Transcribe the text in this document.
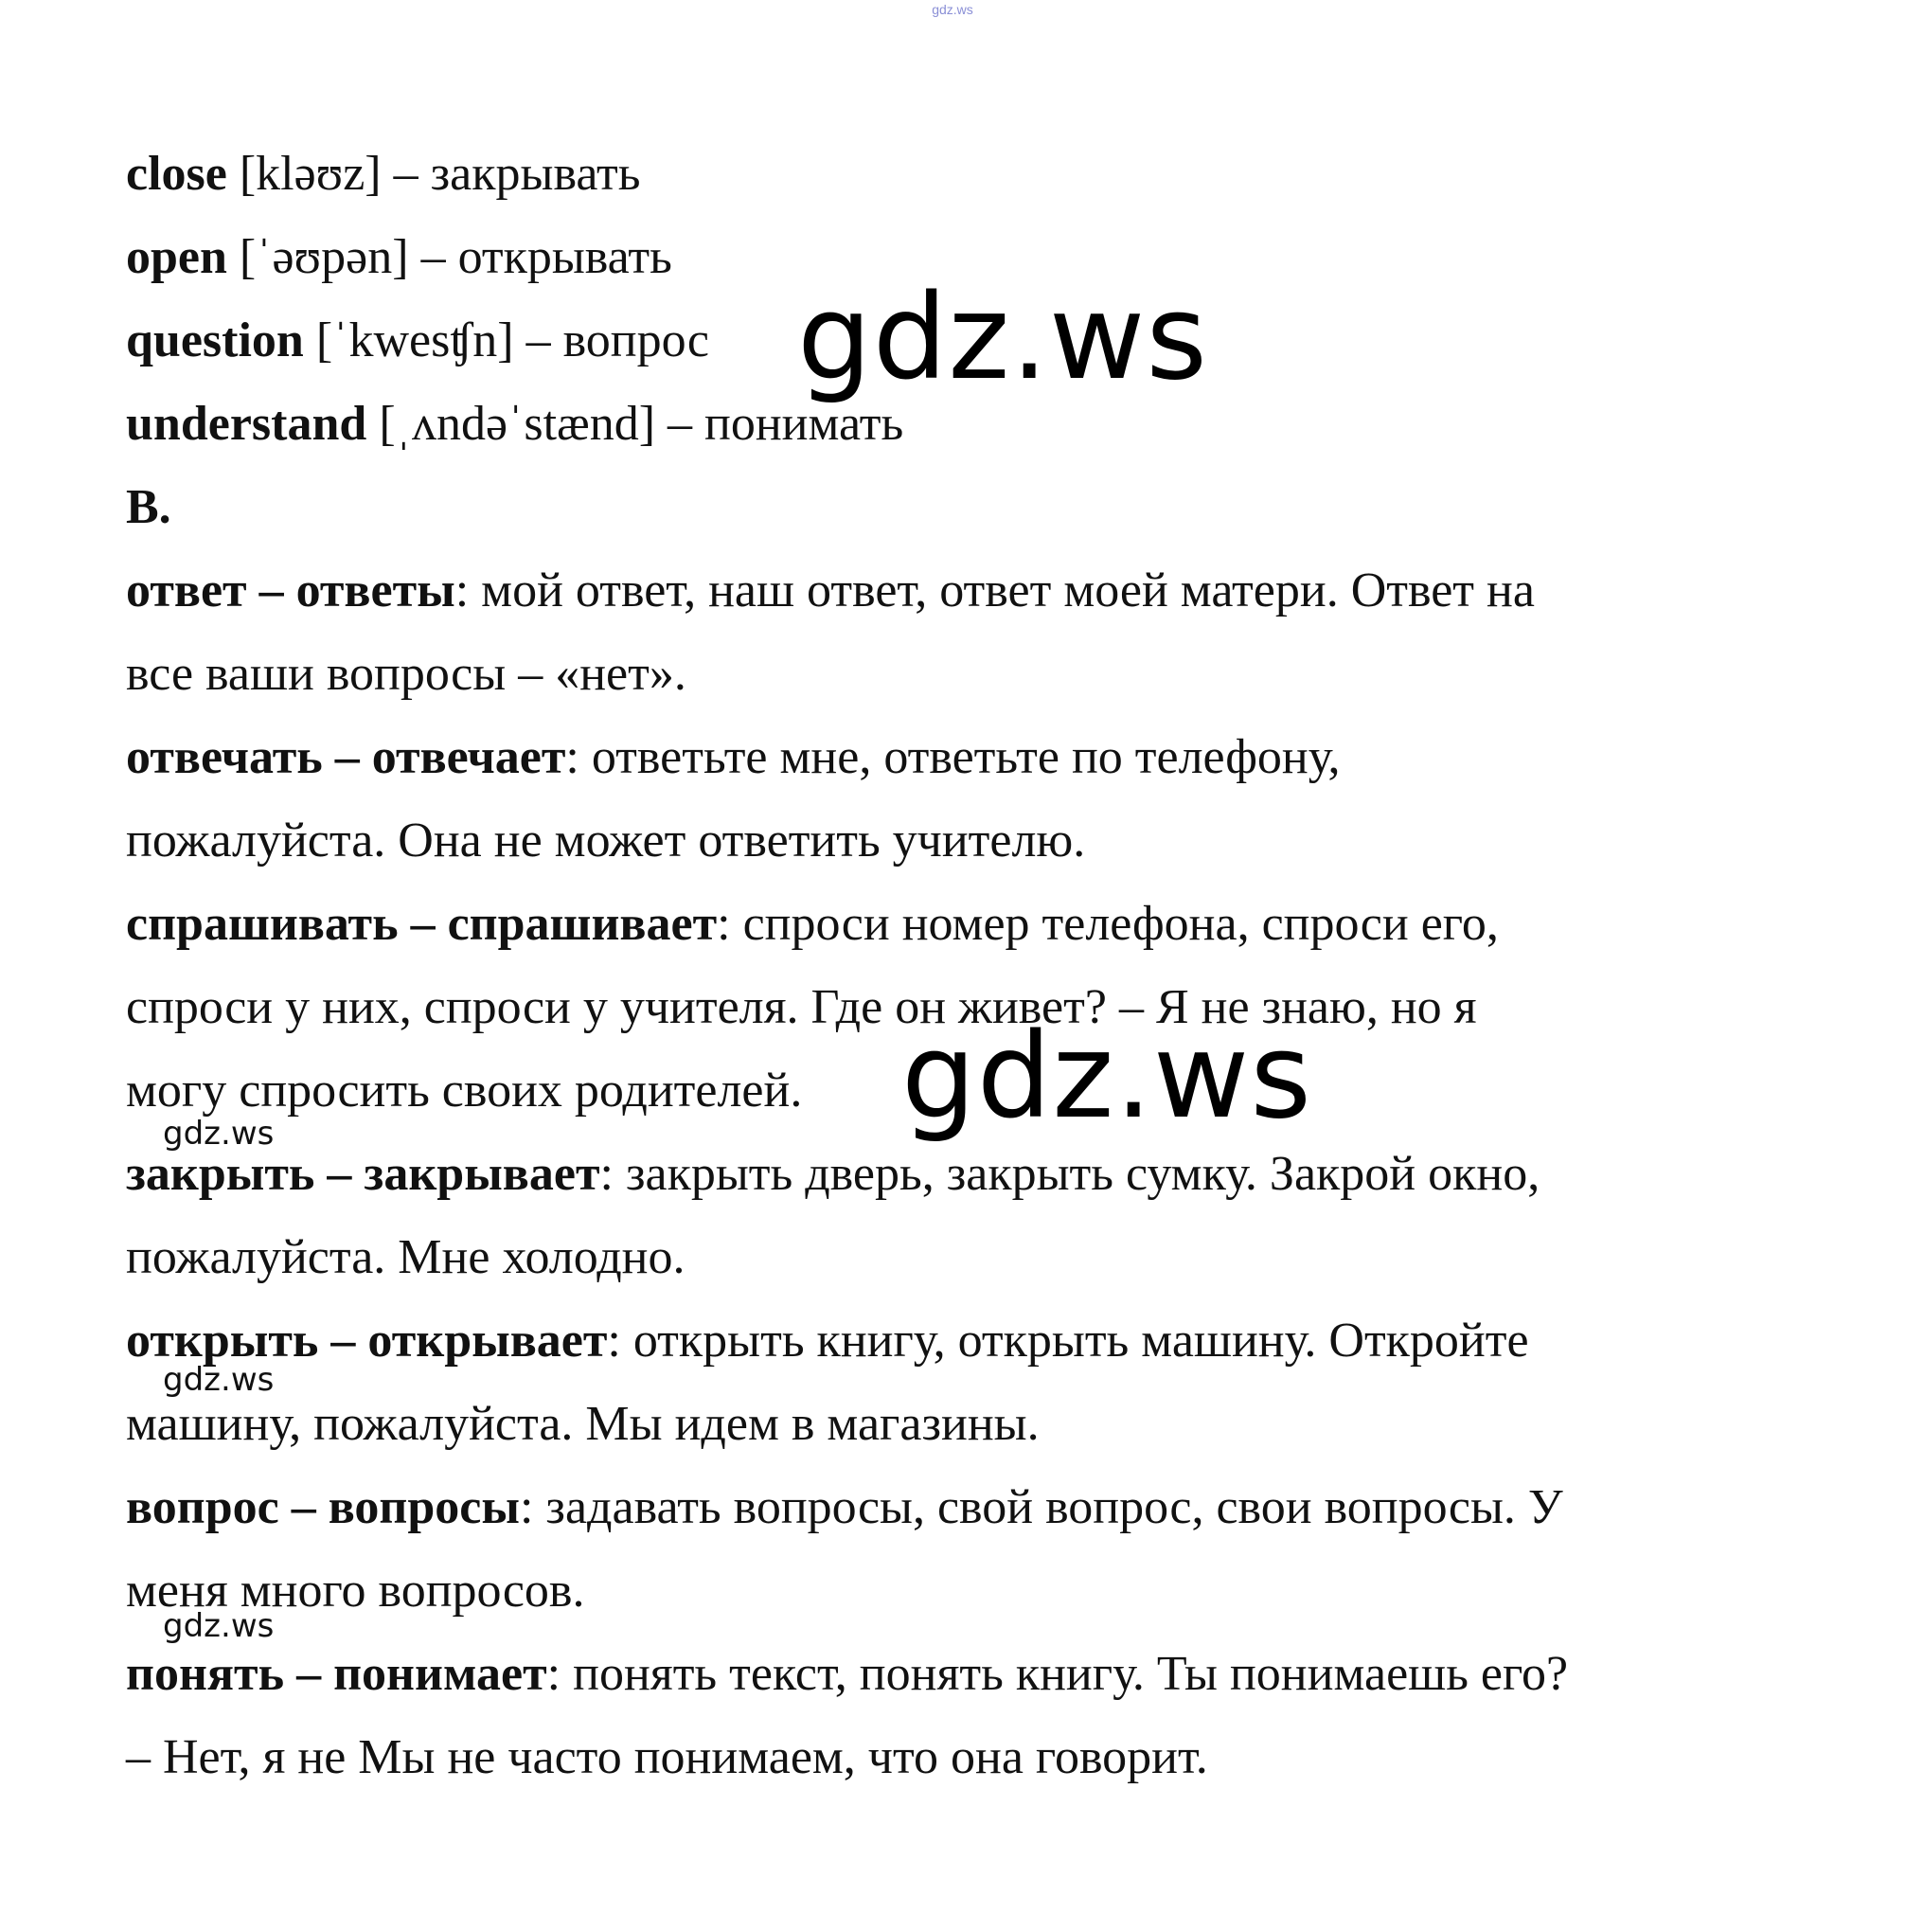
gdz.ws
close [kləʊz] – закрывать
open [ˈəʊpən] – открывать
question [ˈkwesʧn] – вопрос
understand [ˌʌndəˈstænd] – понимать
B.
ответ – ответы: мой ответ, наш ответ, ответ моей матери. Ответ на
все ваши вопросы – «нет».
отвечать – отвечает: ответьте мне, ответьте по телефону,
пожалуйста. Она не может ответить учителю.
спрашивать – спрашивает: спроси номер телефона, спроси его,
спроси у них, спроси у учителя. Где он живет? – Я не знаю, но я
могу спросить своих родителей.
закрыть – закрывает: закрыть дверь, закрыть сумку. Закрой окно,
пожалуйста. Мне холодно.
открыть – открывает: открыть книгу, открыть машину. Откройте
машину, пожалуйста. Мы идем в магазины.
вопрос – вопросы: задавать вопросы, свой вопрос, свои вопросы. У
меня много вопросов.
понять – понимает: понять текст, понять книгу. Ты понимаешь его?
– Нет, я не Мы не часто понимаем, что она говорит.
gdz.ws
gdz.ws
gdz.ws
gdz.ws
gdz.ws
